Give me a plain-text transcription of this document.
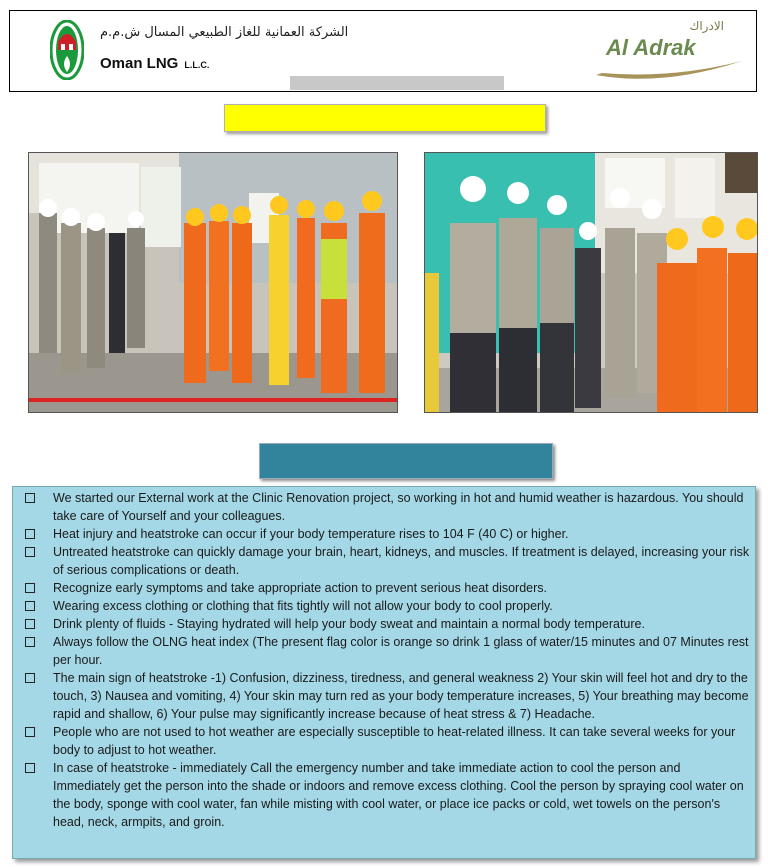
الشركة العمانية للغاز الطبيعي المسال ش.م.م
Oman LNG L.L.C.
الادراك
Al Adrak
We started our External work at the Clinic Renovation project, so working in hot and humid weather is hazardous. You should take care of Yourself and your colleagues.
Heat injury and heatstroke can occur if your body temperature rises to 104 F (40 C) or higher.
Untreated heatstroke can quickly damage your brain, heart, kidneys, and muscles. If treatment is delayed, increasing your risk of serious complications or death.
Recognize early symptoms and take appropriate action to prevent serious heat disorders.
Wearing excess clothing or clothing that fits tightly will not allow your body to cool properly.
Drink plenty of fluids - Staying hydrated will help your body sweat and maintain a normal body temperature.
Always follow the OLNG heat index (The present flag color is orange so drink 1 glass of water/15 minutes and 07 Minutes rest per hour.
The main sign of heatstroke -1) Confusion, dizziness, tiredness, and general weakness 2) Your skin will feel hot and dry to the touch, 3) Nausea and vomiting, 4) Your skin may turn red as your body temperature increases, 5) Your breathing may become rapid and shallow, 6) Your pulse may significantly increase because of heat stress & 7) Headache.
People who are not used to hot weather are especially susceptible to heat-related illness. It can take several weeks for your body to adjust to hot weather.
In case of heatstroke - immediately Call the emergency number and take immediate action to cool the person and Immediately get the person into the shade or indoors and remove excess clothing. Cool the person by spraying cool water on the body, sponge with cool water, fan while misting with cool water, or place ice packs or cold, wet towels on the person's head, neck, armpits, and groin.
